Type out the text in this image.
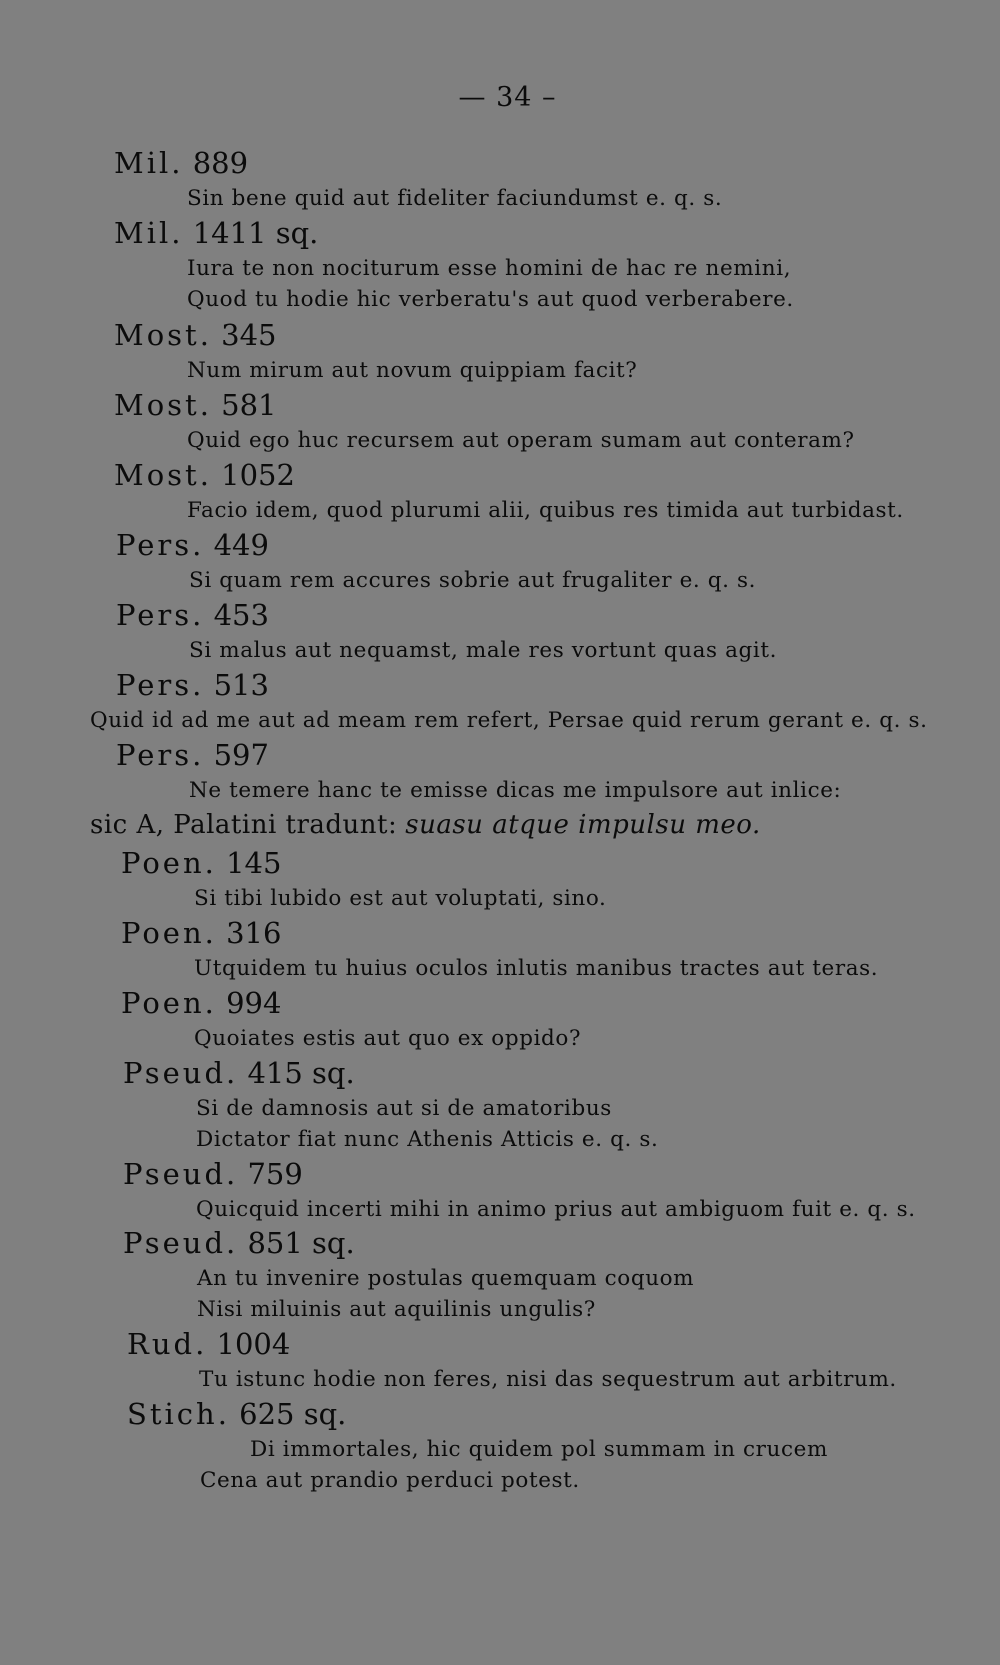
— 34 –
Mil. 889
Sin bene quid aut fideliter faciundumst e. q. s.
Mil. 1411 sq.
Iura te non nociturum esse homini de hac re nemini,
Quod tu hodie hic verberatu's aut quod verberabere.
Most. 345
Num mirum aut novum quippiam facit?
Most. 581
Quid ego huc recursem aut operam sumam aut conteram?
Most. 1052
Facio idem, quod plurumi alii, quibus res timida aut turbidast.
Pers. 449
Si quam rem accures sobrie aut frugaliter e. q. s.
Pers. 453
Si malus aut nequamst, male res vortunt quas agit.
Pers. 513
Quid id ad me aut ad meam rem refert, Persae quid rerum gerant e. q. s.
Pers. 597
Ne temere hanc te emisse dicas me impulsore aut inlice:
sic A, Palatini tradunt: suasu atque impulsu meo.
Poen. 145
Si tibi lubido est aut voluptati, sino.
Poen. 316
Utquidem tu huius oculos inlutis manibus tractes aut teras.
Poen. 994
Quoiates estis aut quo ex oppido?
Pseud. 415 sq.
Si de damnosis aut si de amatoribus
Dictator fiat nunc Athenis Atticis e. q. s.
Pseud. 759
Quicquid incerti mihi in animo prius aut ambiguom fuit e. q. s.
Pseud. 851 sq.
An tu invenire postulas quemquam coquom
Nisi miluinis aut aquilinis ungulis?
Rud. 1004
Tu istunc hodie non feres, nisi das sequestrum aut arbitrum.
Stich. 625 sq.
Di immortales, hic quidem pol summam in crucem
Cena aut prandio perduci potest.
